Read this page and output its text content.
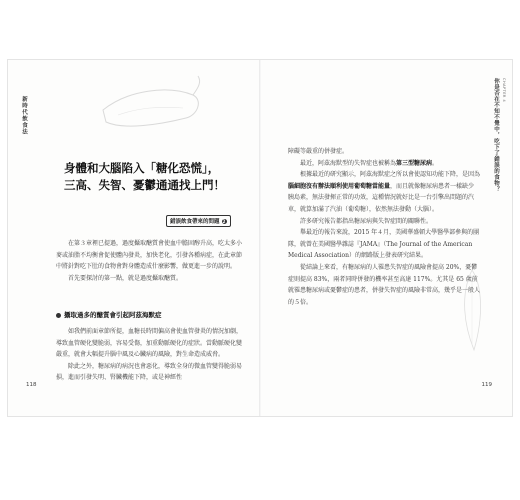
新時代飲食法
身體和大腦陷入「糖化恐慌」，
三高、失智、憂鬱通通找上門！
錯誤飲食帶來的問題 2

在第３章裡已提過，過度攝取醣質會使血中膽固醇升高，吃太多小麥或油脂不均衡會促使體內發炎，加快老化，引發各種病症，在此章節中將針對吃下肚的食物會對身體造成什麼影響，做更進一步的說明。

首先要探討的第一點，就是過度攝取醣質。

攝取過多的醣質會引起阿茲海默症

如我們前面章節所提，血糖長時間偏高會使血管發炎的情況加劇，導致血管硬化變脆弱，容易受傷，加重動脈硬化的症狀。當動脈硬化變嚴重，就會大幅提升腦中風及心臟病的風險，對生命造成威脅。

除此之外，糖尿病的病況也會惡化，導致全身的微血管變得脆弱易損，進而引發失明、腎臟機能下降，或是神經性

118
你是否在不知不覺中，吃下了錯誤的食物？ CHAPTER 4

障礙等嚴重的併發症。

最近，阿茲海默型的失智症也被稱為第三型糖尿病。

根據最近的研究顯示，阿茲海默症之所以會使認知功能下降，是因為腦細胞沒有辦法順利使用葡萄糖當能量，而且就像糖尿病患者一樣缺少胰島素，無法發揮正常的功效，這種情況就好比是一台引擎出問題的汽車，就算加滿了汽油（葡萄糖），依然無法發動（大腦）。

許多研究報告都指出糖尿病與失智症間的關聯性。

舉最近的報告來說，2015 年４月，美國華盛頓大學醫學部參與的團隊，就曾在美國醫學雜誌『JAMA』（The Journal of the American Medical Association）的網路版上發表研究結果。

從結論上來看，有糖尿病的人罹患失智症的風險會提高 20%，憂鬱症則提高 83%，兩者同時併發的機率甚至高達 117%。尤其是 65 歲前就罹患糖尿病或憂鬱症的患者，併發失智症的風險非常高，幾乎是一般人的５倍。

119
